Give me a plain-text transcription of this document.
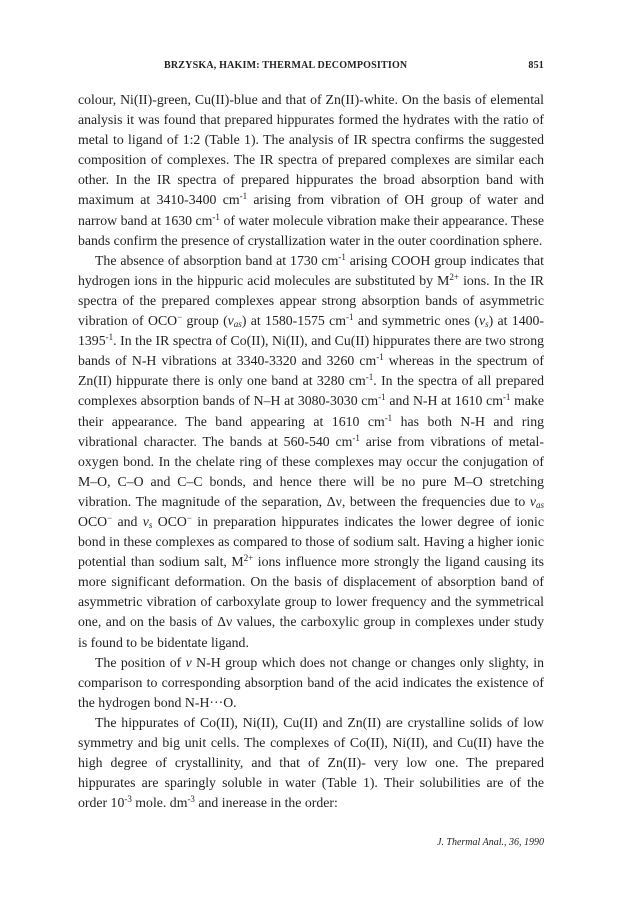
BRZYSKA, HAKIM: THERMAL DECOMPOSITION	851

colour, Ni(II)-green, Cu(II)-blue and that of Zn(II)-white. On the basis of elemental analysis it was found that prepared hippurates formed the hydrates with the ratio of metal to ligand of 1:2 (Table 1). The analysis of IR spectra confirms the suggested composition of complexes. The IR spectra of prepared complexes are similar each other. In the IR spectra of prepared hippurates the broad absorption band with maximum at 3410-3400 $cm^{-1}$ arising from vibration of OH group of water and narrow band at 1630 $cm^{-1}$ of water molecule vibration make their appearance. These bands confirm the presence of crystallization water in the outer coordination sphere.

The absence of absorption band at 1730 $cm^{-1}$ arising COOH group indicates that hydrogen ions in the hippuric acid molecules are substituted by $M^{2+}$ ions. In the IR spectra of the prepared complexes appear strong absorption bands of asymmetric vibration of OCO− group $(\nu_{as})$ at 1580-1575 $cm^{-1}$ and symmetric ones $(\nu_s)$ at $1400-1395^{-1}$. In the IR spectra of Co(II), Ni(II), and Cu(II) hippurates there are two strong bands of N-H vibrations at 3340-3320 and 3260 $cm^{-1}$ whereas in the spectrum of Zn(II) hippurate there is only one band at 3280 $cm^{-1}$. In the spectra of all prepared complexes absorption bands of N–H at 3080-3030 $cm^{-1}$ and N-H at 1610 $cm^{-1}$ make their appearance. The band appearing at 1610 $cm^{-1}$ has both N-H and ring vibrational character. The bands at 560-540 $cm^{-1}$ arise from vibrations of metal-oxygen bond. In the chelate ring of these complexes may occur the conjugation of M–O, C–O and C–C bonds, and hence there will be no pure M–O stretching vibration. The magnitude of the separation, Δν, between the frequencies due to $\nu_{as}$ OCO− and $\nu_s$ OCO− in preparation hippurates indicates the lower degree of ionic bond in these complexes as compared to those of sodium salt. Having a higher ionic potential than sodium salt, $M^{2+}$ ions influence more strongly the ligand causing its more significant deformation. On the basis of displacement of absorption band of asymmetric vibration of carboxylate group to lower frequency and the symmetrical one, and on the basis of Δν values, the carboxylic group in complexes under study is found to be bidentate ligand.

The position of ν N-H group which does not change or changes only slighty, in comparison to corresponding absorption band of the acid indicates the existence of the hydrogen bond N-H···O.

The hippurates of Co(II), Ni(II), Cu(II) and Zn(II) are crystalline solids of low symmetry and big unit cells. The complexes of Co(II), Ni(II), and Cu(II) have the high degree of crystallinity, and that of Zn(II)- very low one. The prepared hippurates are sparingly soluble in water (Table 1). Their solubilities are of the order $10^{-3}$ mole. $dm^{-3}$ and inerease in the order:

J. Thermal Anal., 36, 1990
